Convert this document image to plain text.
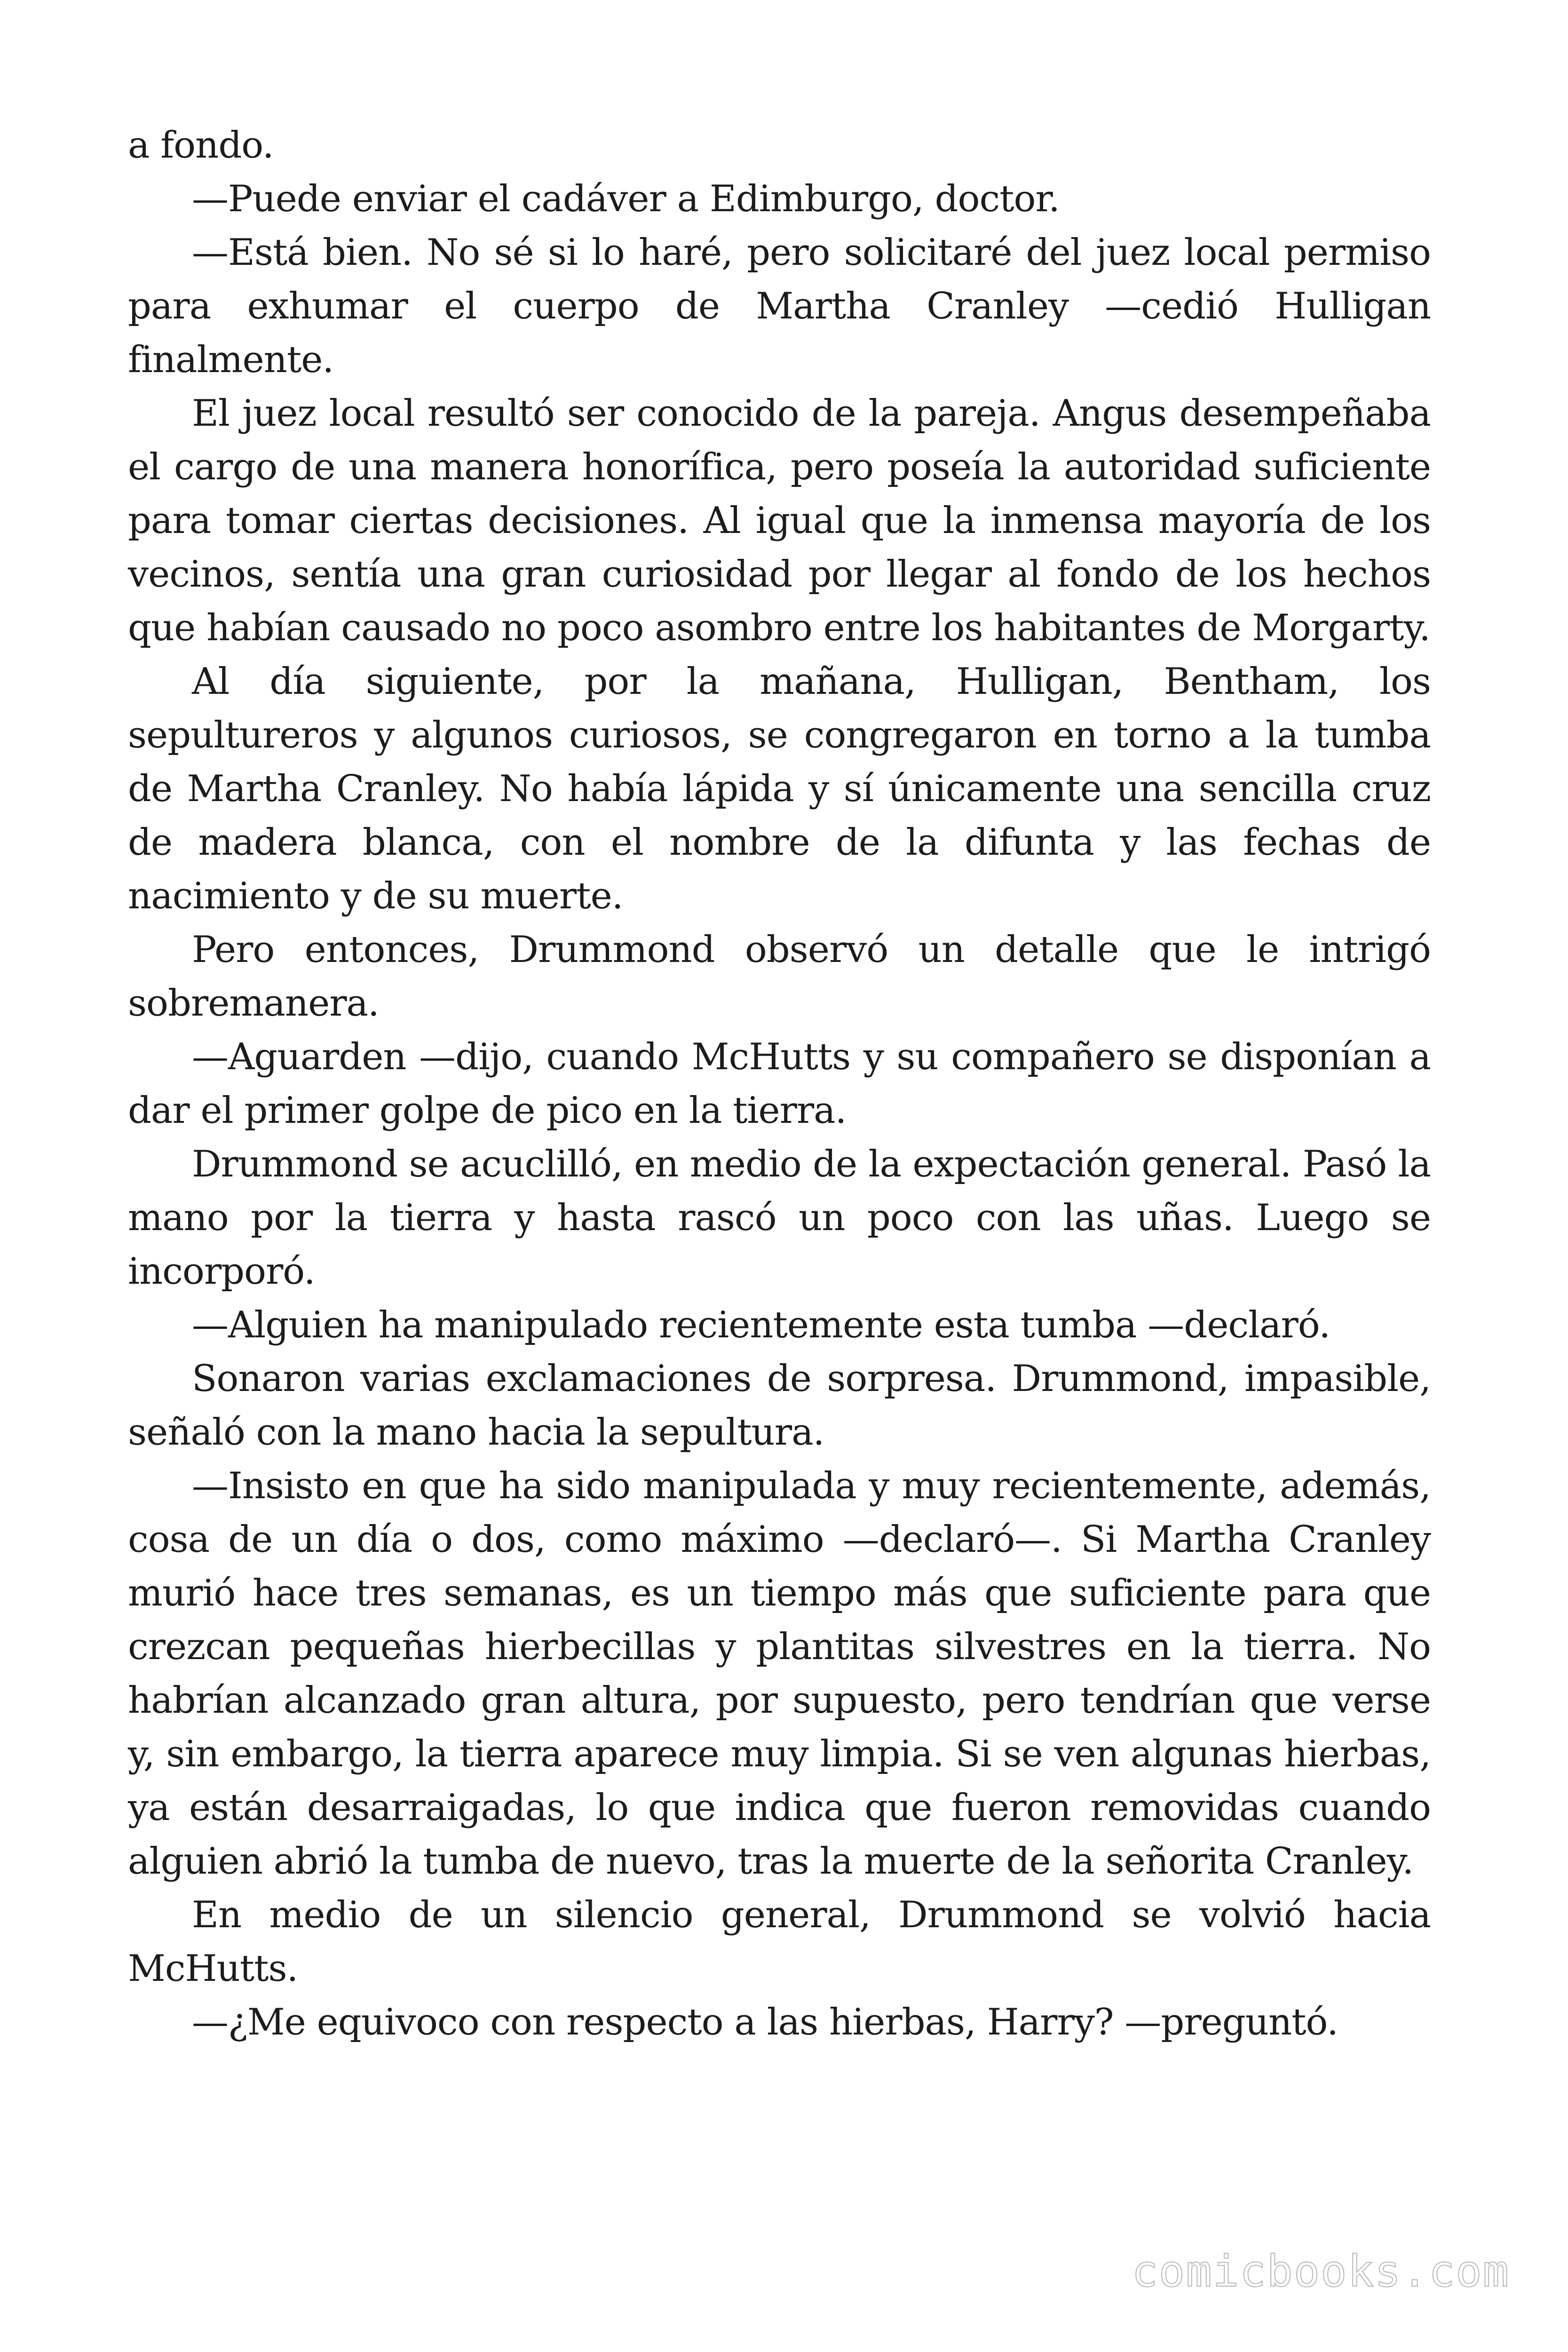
a fondo.

—Puede enviar el cadáver a Edimburgo, doctor.

—Está bien. No sé si lo haré, pero solicitaré del juez local permiso para exhumar el cuerpo de Martha Cranley —cedió Hulligan finalmente.

El juez local resultó ser conocido de la pareja. Angus desempeñaba el cargo de una manera honorífica, pero poseía la autoridad suficiente para tomar ciertas decisiones. Al igual que la inmensa mayoría de los vecinos, sentía una gran curiosidad por llegar al fondo de los hechos que habían causado no poco asombro entre los habitantes de Morgarty.

Al día siguiente, por la mañana, Hulligan, Bentham, los sepultureros y algunos curiosos, se congregaron en torno a la tumba de Martha Cranley. No había lápida y sí únicamente una sencilla cruz de madera blanca, con el nombre de la difunta y las fechas de nacimiento y de su muerte.

Pero entonces, Drummond observó un detalle que le intrigó sobremanera.

—Aguarden —dijo, cuando McHutts y su compañero se disponían a dar el primer golpe de pico en la tierra.

Drummond se acuclilló, en medio de la expectación general. Pasó la mano por la tierra y hasta rascó un poco con las uñas. Luego se incorporó.

—Alguien ha manipulado recientemente esta tumba —declaró.

Sonaron varias exclamaciones de sorpresa. Drummond, impasible, señaló con la mano hacia la sepultura.

—Insisto en que ha sido manipulada y muy recientemente, además, cosa de un día o dos, como máximo —declaró—. Si Martha Cranley murió hace tres semanas, es un tiempo más que suficiente para que crezcan pequeñas hierbecillas y plantitas silvestres en la tierra. No habrían alcanzado gran altura, por supuesto, pero tendrían que verse y, sin embargo, la tierra aparece muy limpia. Si se ven algunas hierbas, ya están desarraigadas, lo que indica que fueron removidas cuando alguien abrió la tumba de nuevo, tras la muerte de la señorita Cranley.

En medio de un silencio general, Drummond se volvió hacia McHutts.

—¿Me equivoco con respecto a las hierbas, Harry? —preguntó.

comicbooks.com
